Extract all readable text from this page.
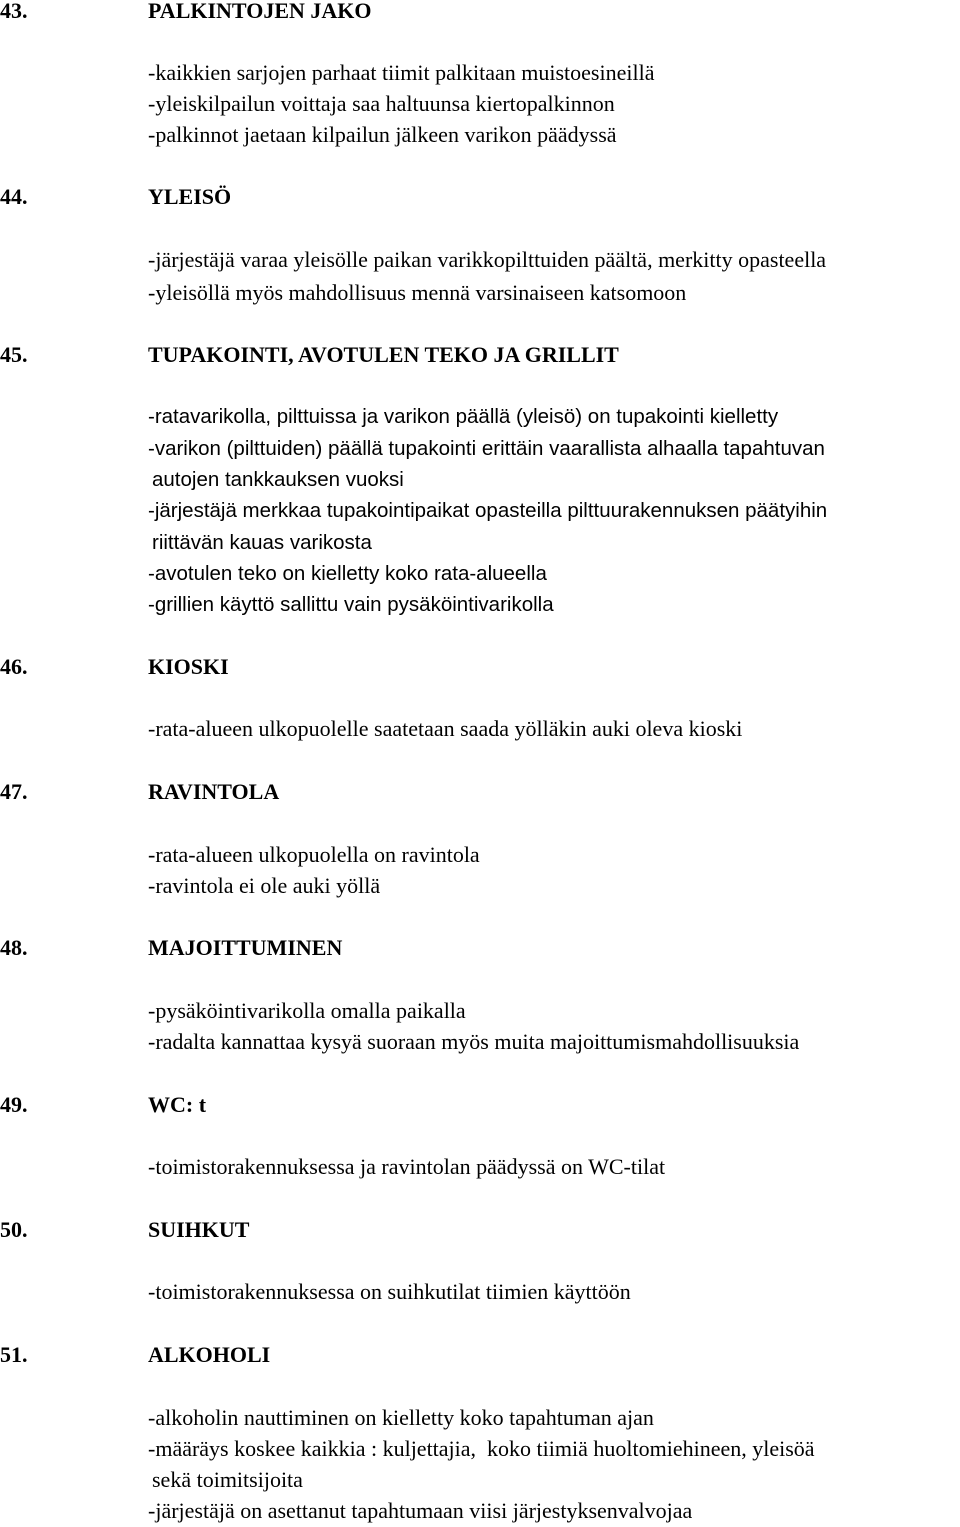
43.	PALKINTOJEN JAKO
-kaikkien sarjojen parhaat tiimit palkitaan muistoesineillä
-yleiskilpailun voittaja saa haltuunsa kiertopalkinnon
-palkinnot jaetaan kilpailun jälkeen varikon päädyssä
44.	YLEISÖ
-järjestäjä varaa yleisölle paikan varikkopilttuiden päältä, merkitty opasteella
-yleisöllä myös mahdollisuus mennä varsinaiseen katsomoon
45.	TUPAKOINTI, AVOTULEN TEKO JA GRILLIT
-ratavarikolla, pilttuissa ja varikon päällä (yleisö) on tupakointi kielletty
-varikon (pilttuiden) päällä tupakointi erittäin vaarallista alhaalla tapahtuvan
autojen tankkauksen vuoksi
-järjestäjä merkkaa tupakointipaikat opasteilla pilttuurakennuksen päätyihin
riittävän kauas varikosta
-avotulen teko on kielletty koko rata-alueella
-grillien käyttö sallittu vain pysäköintivarikolla
46.	KIOSKI
-rata-alueen ulkopuolelle saatetaan saada yölläkin auki oleva kioski
47.	RAVINTOLA
-rata-alueen ulkopuolella on ravintola
-ravintola ei ole auki yöllä
48.	MAJOITTUMINEN
-pysäköintivarikolla omalla paikalla
-radalta kannattaa kysyä suoraan myös muita majoittumismahdollisuuksia
49.	WC: t
-toimistorakennuksessa ja ravintolan päädyssä on WC-tilat
50.	SUIHKUT
-toimistorakennuksessa on suihkutilat tiimien käyttöön
51.	ALKOHOLI
-alkoholin nauttiminen on kielletty koko tapahtuman ajan
-määräys koskee kaikkia : kuljettajia,  koko tiimiä huoltomiehineen, yleisöä
sekä toimitsijoita
-järjestäjä on asettanut tapahtumaan viisi järjestyksenvalvojaa
